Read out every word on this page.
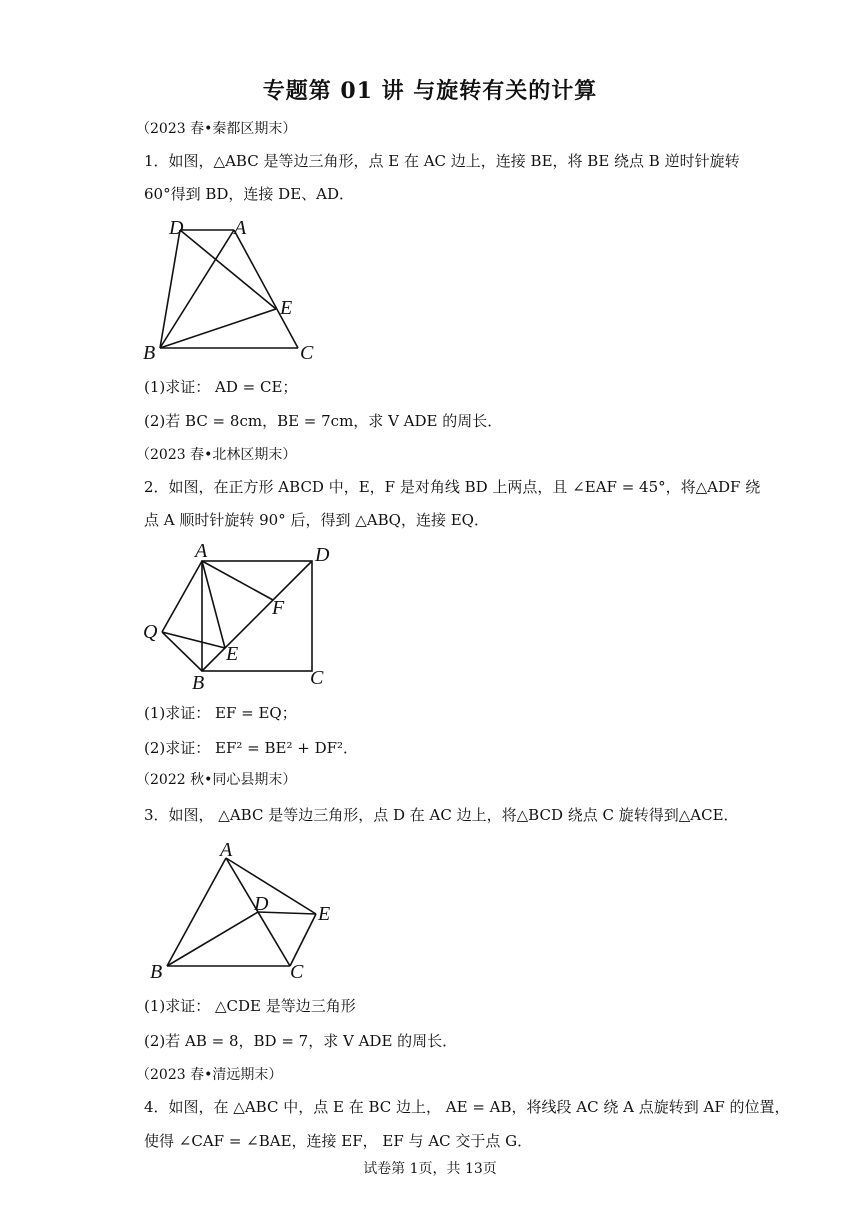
专题第 01 讲 与旋转有关的计算
（2023 春•秦都区期末）
1．如图，△ABC 是等边三角形，点 E 在 AC 边上，连接 BE，将 BE 绕点 B 逆时针旋转
60°得到 BD，连接 DE、AD．
D	A
E
B	C
(1)求证： AD = CE；
(2)若 BC = 8cm，BE = 7cm，求 V ADE 的周长．
（2023 春•北林区期末）
2．如图，在正方形 ABCD 中，E，F 是对角线 BD 上两点，且 ∠EAF = 45°，将△ADF 绕
点 A 顺时针旋转 90° 后，得到 △ABQ，连接 EQ．
A	D
F
Q
E
B	C
(1)求证： EF = EQ；
(2)求证： EF² = BE² + DF²．
（2022 秋•同心县期末）
3．如图， △ABC 是等边三角形，点 D 在 AC 边上，将△BCD 绕点 C 旋转得到△ACE．
A
D E
B	C
(1)求证： △CDE 是等边三角形
(2)若 AB = 8，BD = 7，求 V ADE 的周长．
（2023 春•清远期末）
4．如图，在 △ABC 中，点 E 在 BC 边上， AE = AB，将线段 AC 绕 A 点旋转到 AF 的位置，
使得 ∠CAF = ∠BAE，连接 EF， EF 与 AC 交于点 G．
试卷第 1页，共 13页
